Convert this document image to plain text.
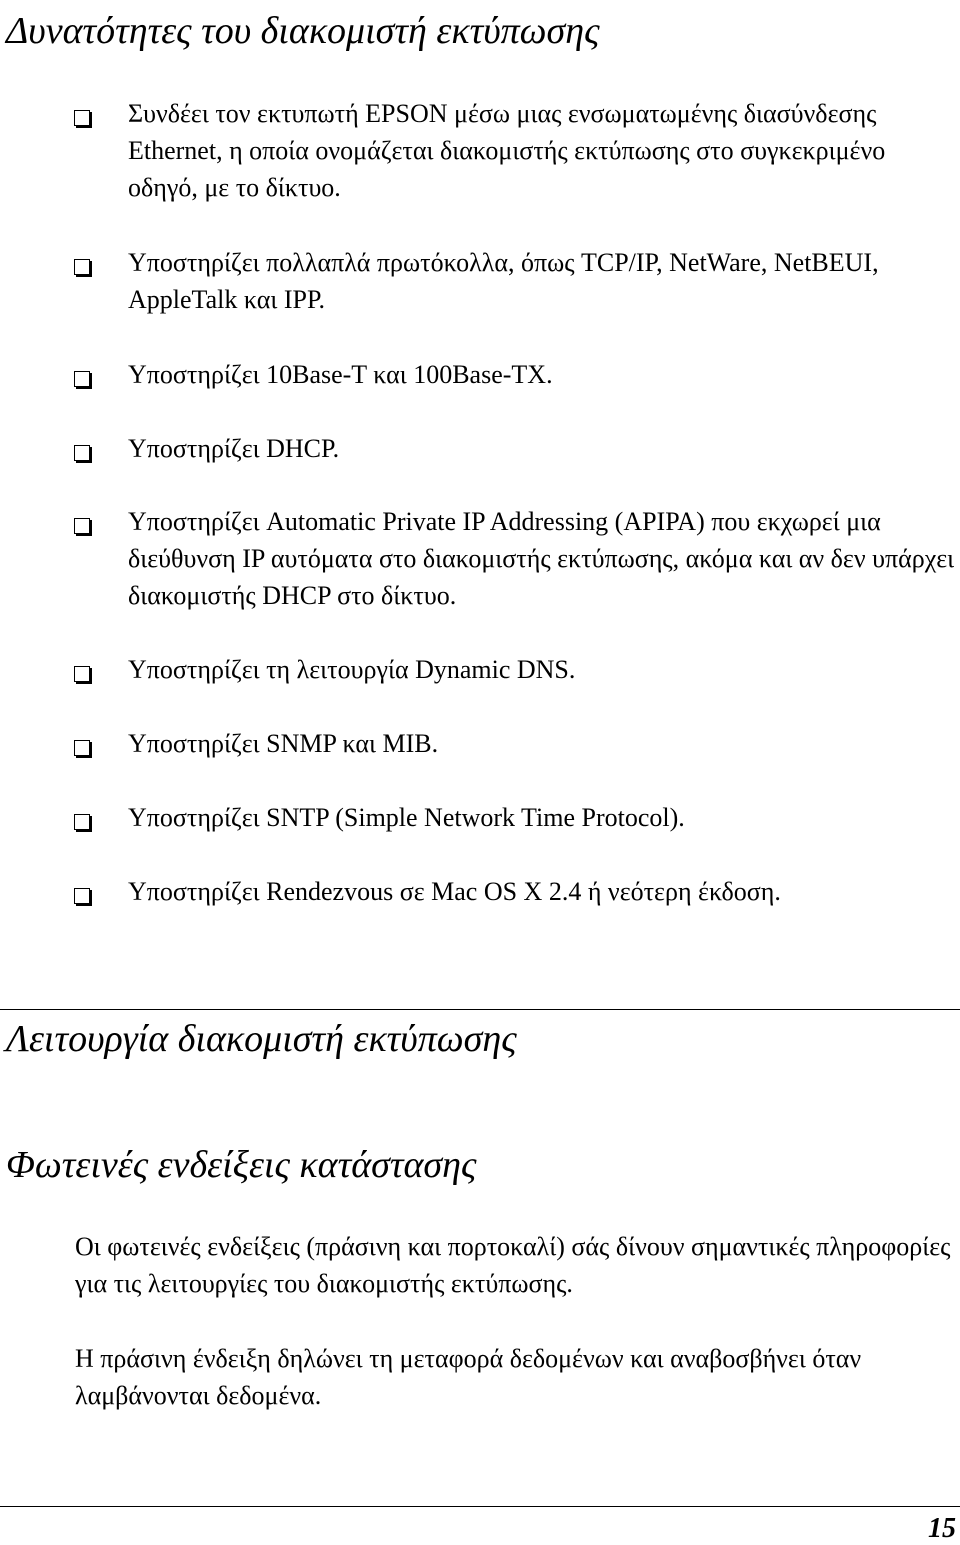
Δυνατότητες του διακομιστή εκτύπωσης
Συνδέει τον εκτυπωτή EPSON μέσω μιας ενσωματωμένης διασύνδεσης Ethernet, η οποία ονομάζεται διακομιστής εκτύπωσης στο συγκεκριμένο οδηγό, με το δίκτυο.
Υποστηρίζει πολλαπλά πρωτόκολλα, όπως TCP/IP, NetWare, NetBEUI, AppleTalk και IPP.
Υποστηρίζει 10Base-T και 100Base-TX.
Υποστηρίζει DHCP.
Υποστηρίζει Automatic Private IP Addressing (APIPA) που εκχωρεί μια διεύθυνση IP αυτόματα στο διακομιστής εκτύπωσης, ακόμα και αν δεν υπάρχει διακομιστής DHCP στο δίκτυο.
Υποστηρίζει τη λειτουργία Dynamic DNS.
Υποστηρίζει SNMP και MIB.
Υποστηρίζει SNTP (Simple Network Time Protocol).
Υποστηρίζει Rendezvous σε Mac OS X 2.4 ή νεότερη έκδοση.
Λειτουργία διακομιστή εκτύπωσης
Φωτεινές ενδείξεις κατάστασης

Οι φωτεινές ενδείξεις (πράσινη και πορτοκαλί) σάς δίνουν σημαντικές πληροφορίες για τις λειτουργίες του διακομιστής εκτύπωσης.

Η πράσινη ένδειξη δηλώνει τη μεταφορά δεδομένων και αναβοσβήνει όταν λαμβάνονται δεδομένα.

15
